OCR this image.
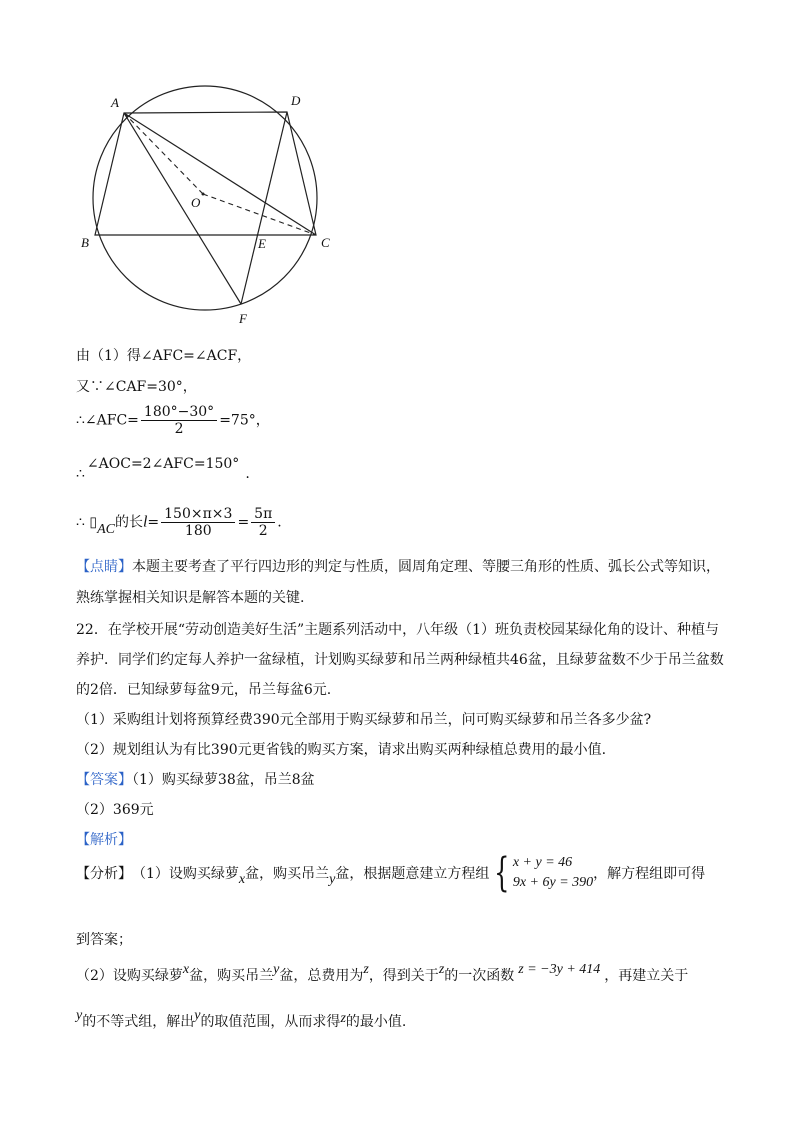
A	D
O
B	E	C
F
由（1）得∠AFC=∠ACF，
又∵∠CAF=30°，
∴∠AFC= $\frac{180^\circ-30^\circ}{2} =75^\circ$，
∴∠AOC=2∠AFC=150°.
∴ ▯AC的长$l= \frac{150\times\pi\times 3}{180} = \frac{5\pi}{2}$ .
【点睛】本题主要考查了平行四边形的判定与性质，圆周角定理、等腰三角形的性质、弧长公式等知识，
熟练掌握相关知识是解答本题的关键.
22．在学校开展“劳动创造美好生活”主题系列活动中，八年级（1）班负责校园某绿化角的设计、种植与
养护．同学们约定每人养护一盆绿植，计划购买绿萝和吊兰两种绿植共46盆，且绿萝盆数不少于吊兰盆数
的2倍．已知绿萝每盆9元，吊兰每盆6元.
（1）采购组计划将预算经费390元全部用于购买绿萝和吊兰，问可购买绿萝和吊兰各多少盆?
（2）规划组认为有比390元更省钱的购买方案，请求出购买两种绿植总费用的最小值.
【答案】（1）购买绿萝38盆，吊兰8盆
（2）369元
【解析】
【分析】（1）设购买绿萝x盆，购买吊兰y盆，根据题意建立方程组 { x + y = 46
9x + 6y = 390
，解方程组即可得
到答案；
（2）设购买绿萝x盆，购买吊兰y盆，总费用为z，得到关于z的一次函数 z = −3y + 414 ，再建立关于
y的不等式组，解出y的取值范围，从而求得z的最小值.
